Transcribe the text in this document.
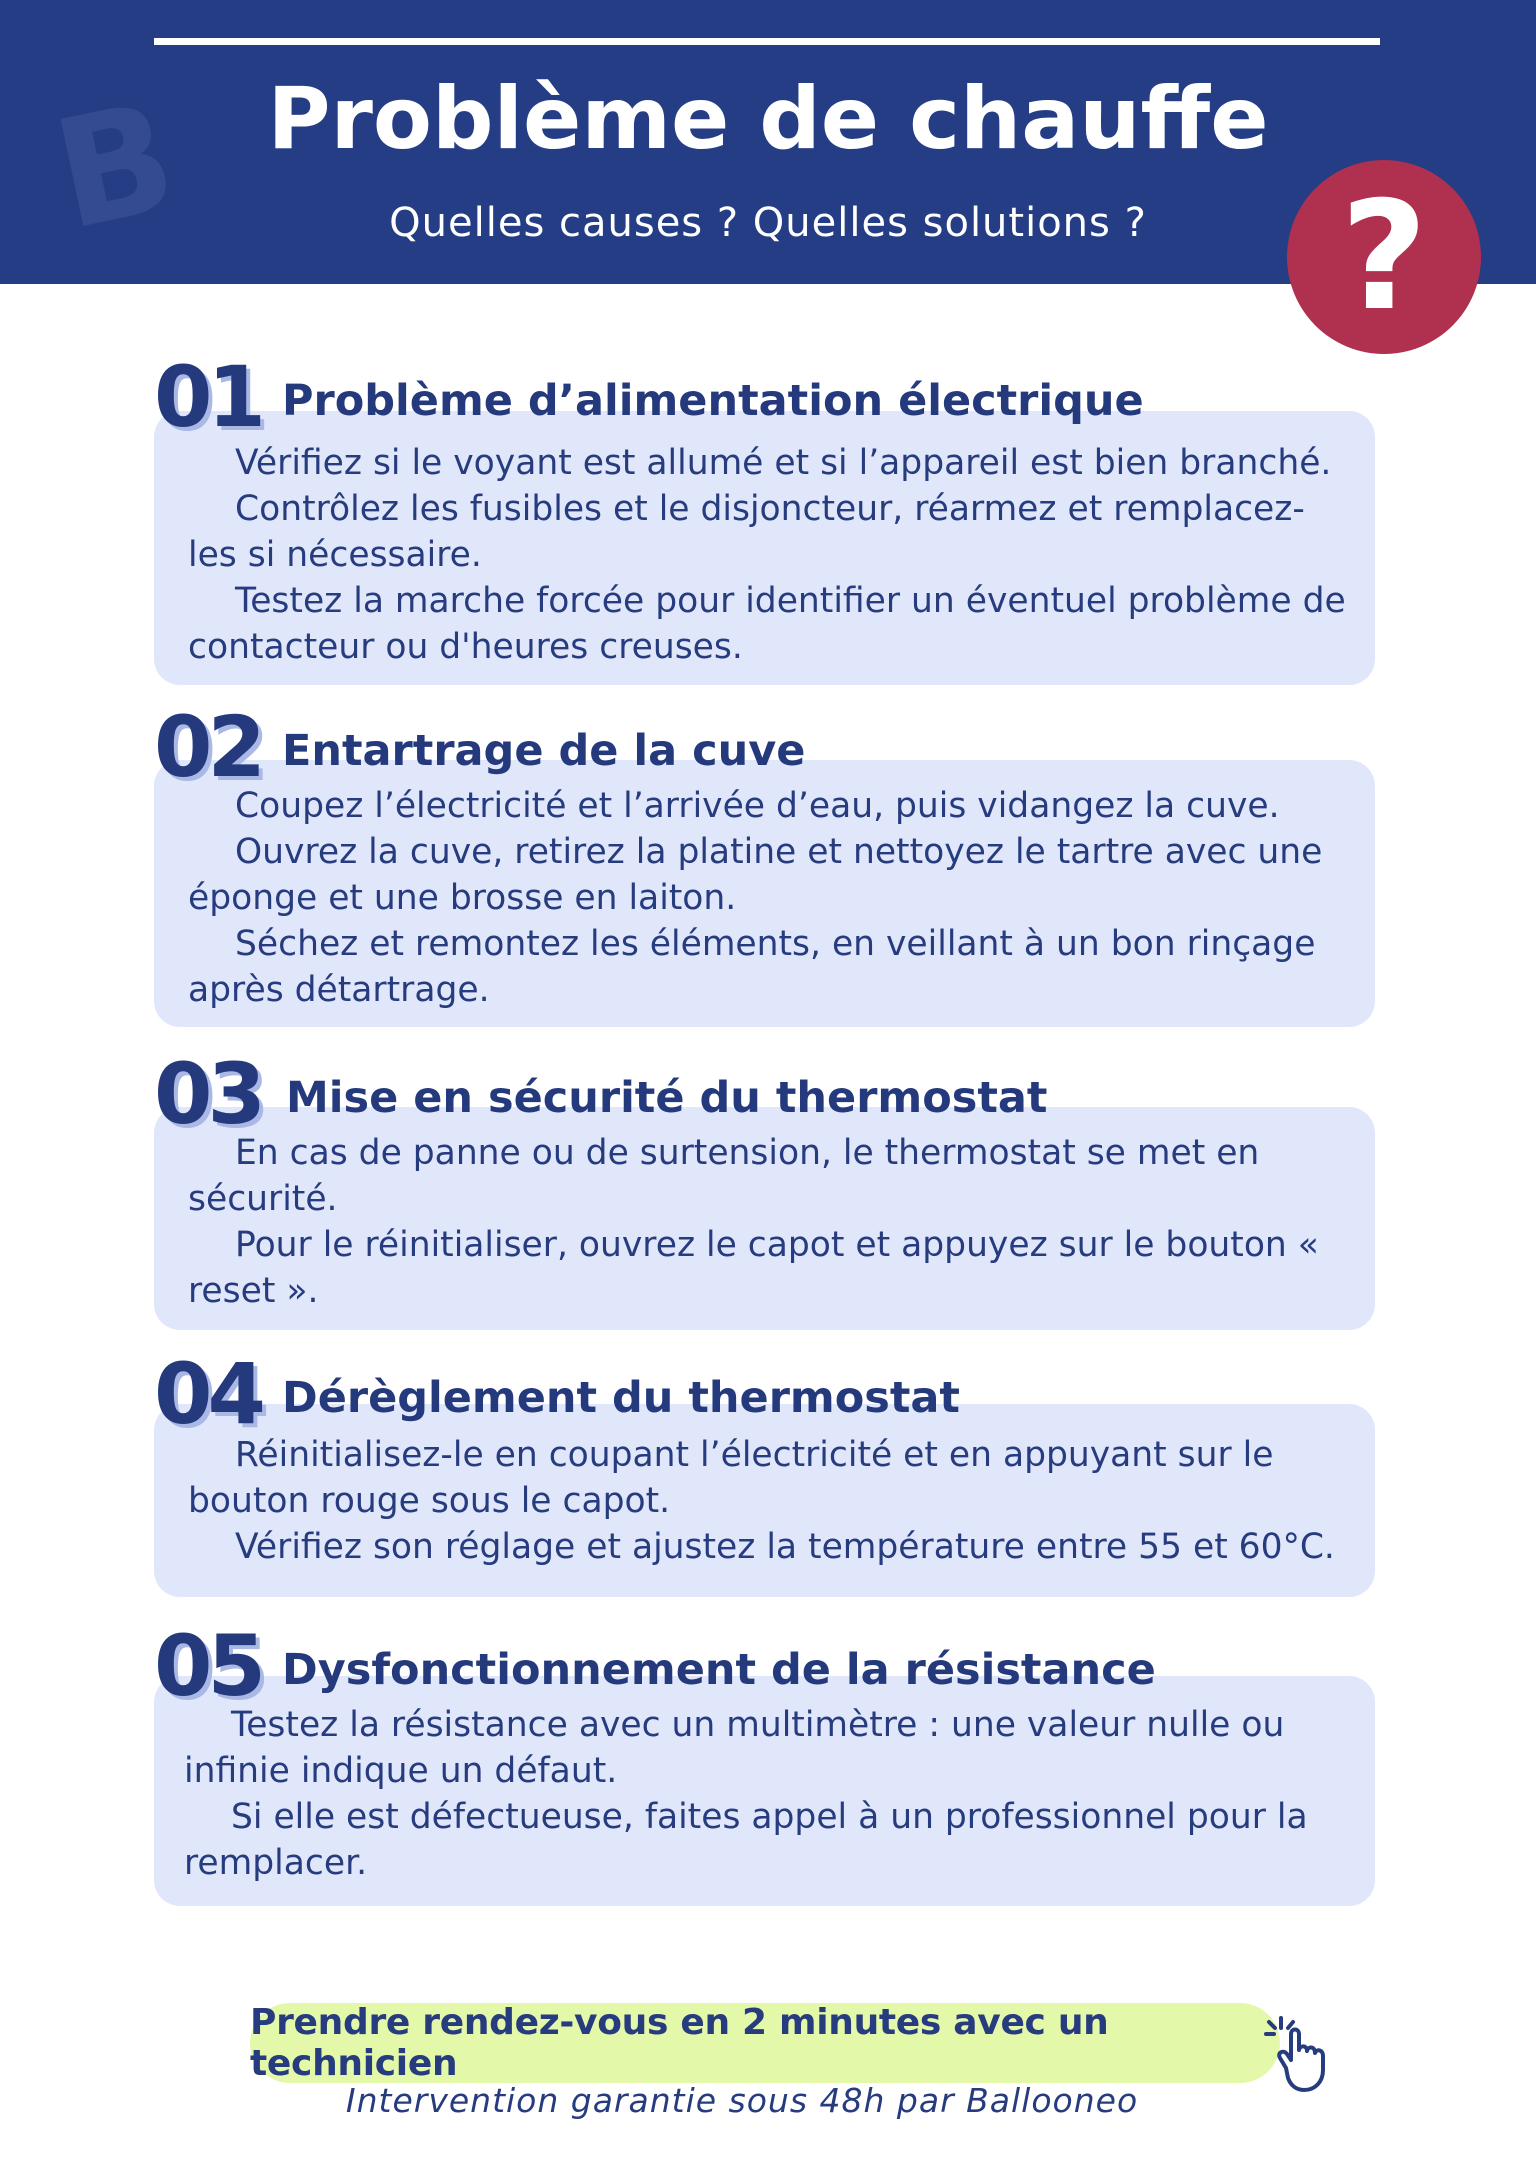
B Problème de chauffe
Quelles causes ? Quelles solutions ?	?
01 Problème d’alimentation électrique

Vérifiez si le voyant est allumé et si l’appareil est bien branché.

Contrôlez les fusibles et le disjoncteur, réarmez et remplacez-les si nécessaire.

Testez la marche forcée pour identifier un éventuel problème de contacteur ou d'heures creuses.

02 Entartrage de la cuve

Coupez l’électricité et l’arrivée d’eau, puis vidangez la cuve.

Ouvrez la cuve, retirez la platine et nettoyez le tartre avec une éponge et une brosse en laiton.

Séchez et remontez les éléments, en veillant à un bon rinçage après détartrage.

03 Mise en sécurité du thermostat

En cas de panne ou de surtension, le thermostat se met en sécurité.

Pour le réinitialiser, ouvrez le capot et appuyez sur le bouton « reset ».

04 Dérèglement du thermostat

Réinitialisez-le en coupant l’électricité et en appuyant sur le bouton rouge sous le capot.

Vérifiez son réglage et ajustez la température entre 55 et 60°C.

05 Dysfonctionnement de la résistance

Testez la résistance avec un multimètre : une valeur nulle ou infinie indique un défaut.

Si elle est défectueuse, faites appel à un professionnel pour la remplacer.

Prendre rendez-vous en 2 minutes avec un technicien
Intervention garantie sous 48h par Ballooneo
